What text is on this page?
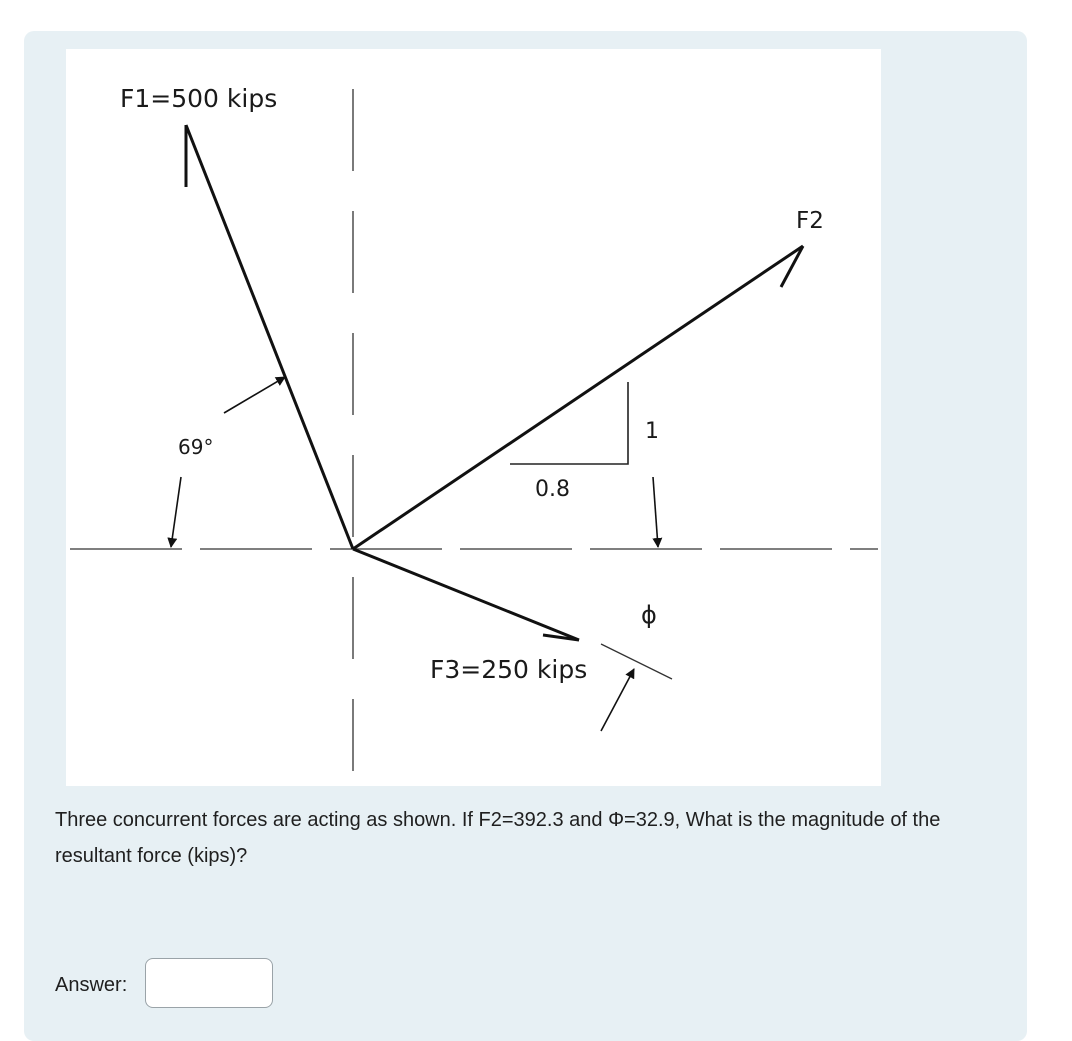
F1=500 kips
F2
F3=250 kips
69°
0.8
1
ϕ
Three concurrent forces are acting as shown. If F2=392.3 and Φ=32.9, What is the magnitude of the resultant force (kips)?
Answer:
